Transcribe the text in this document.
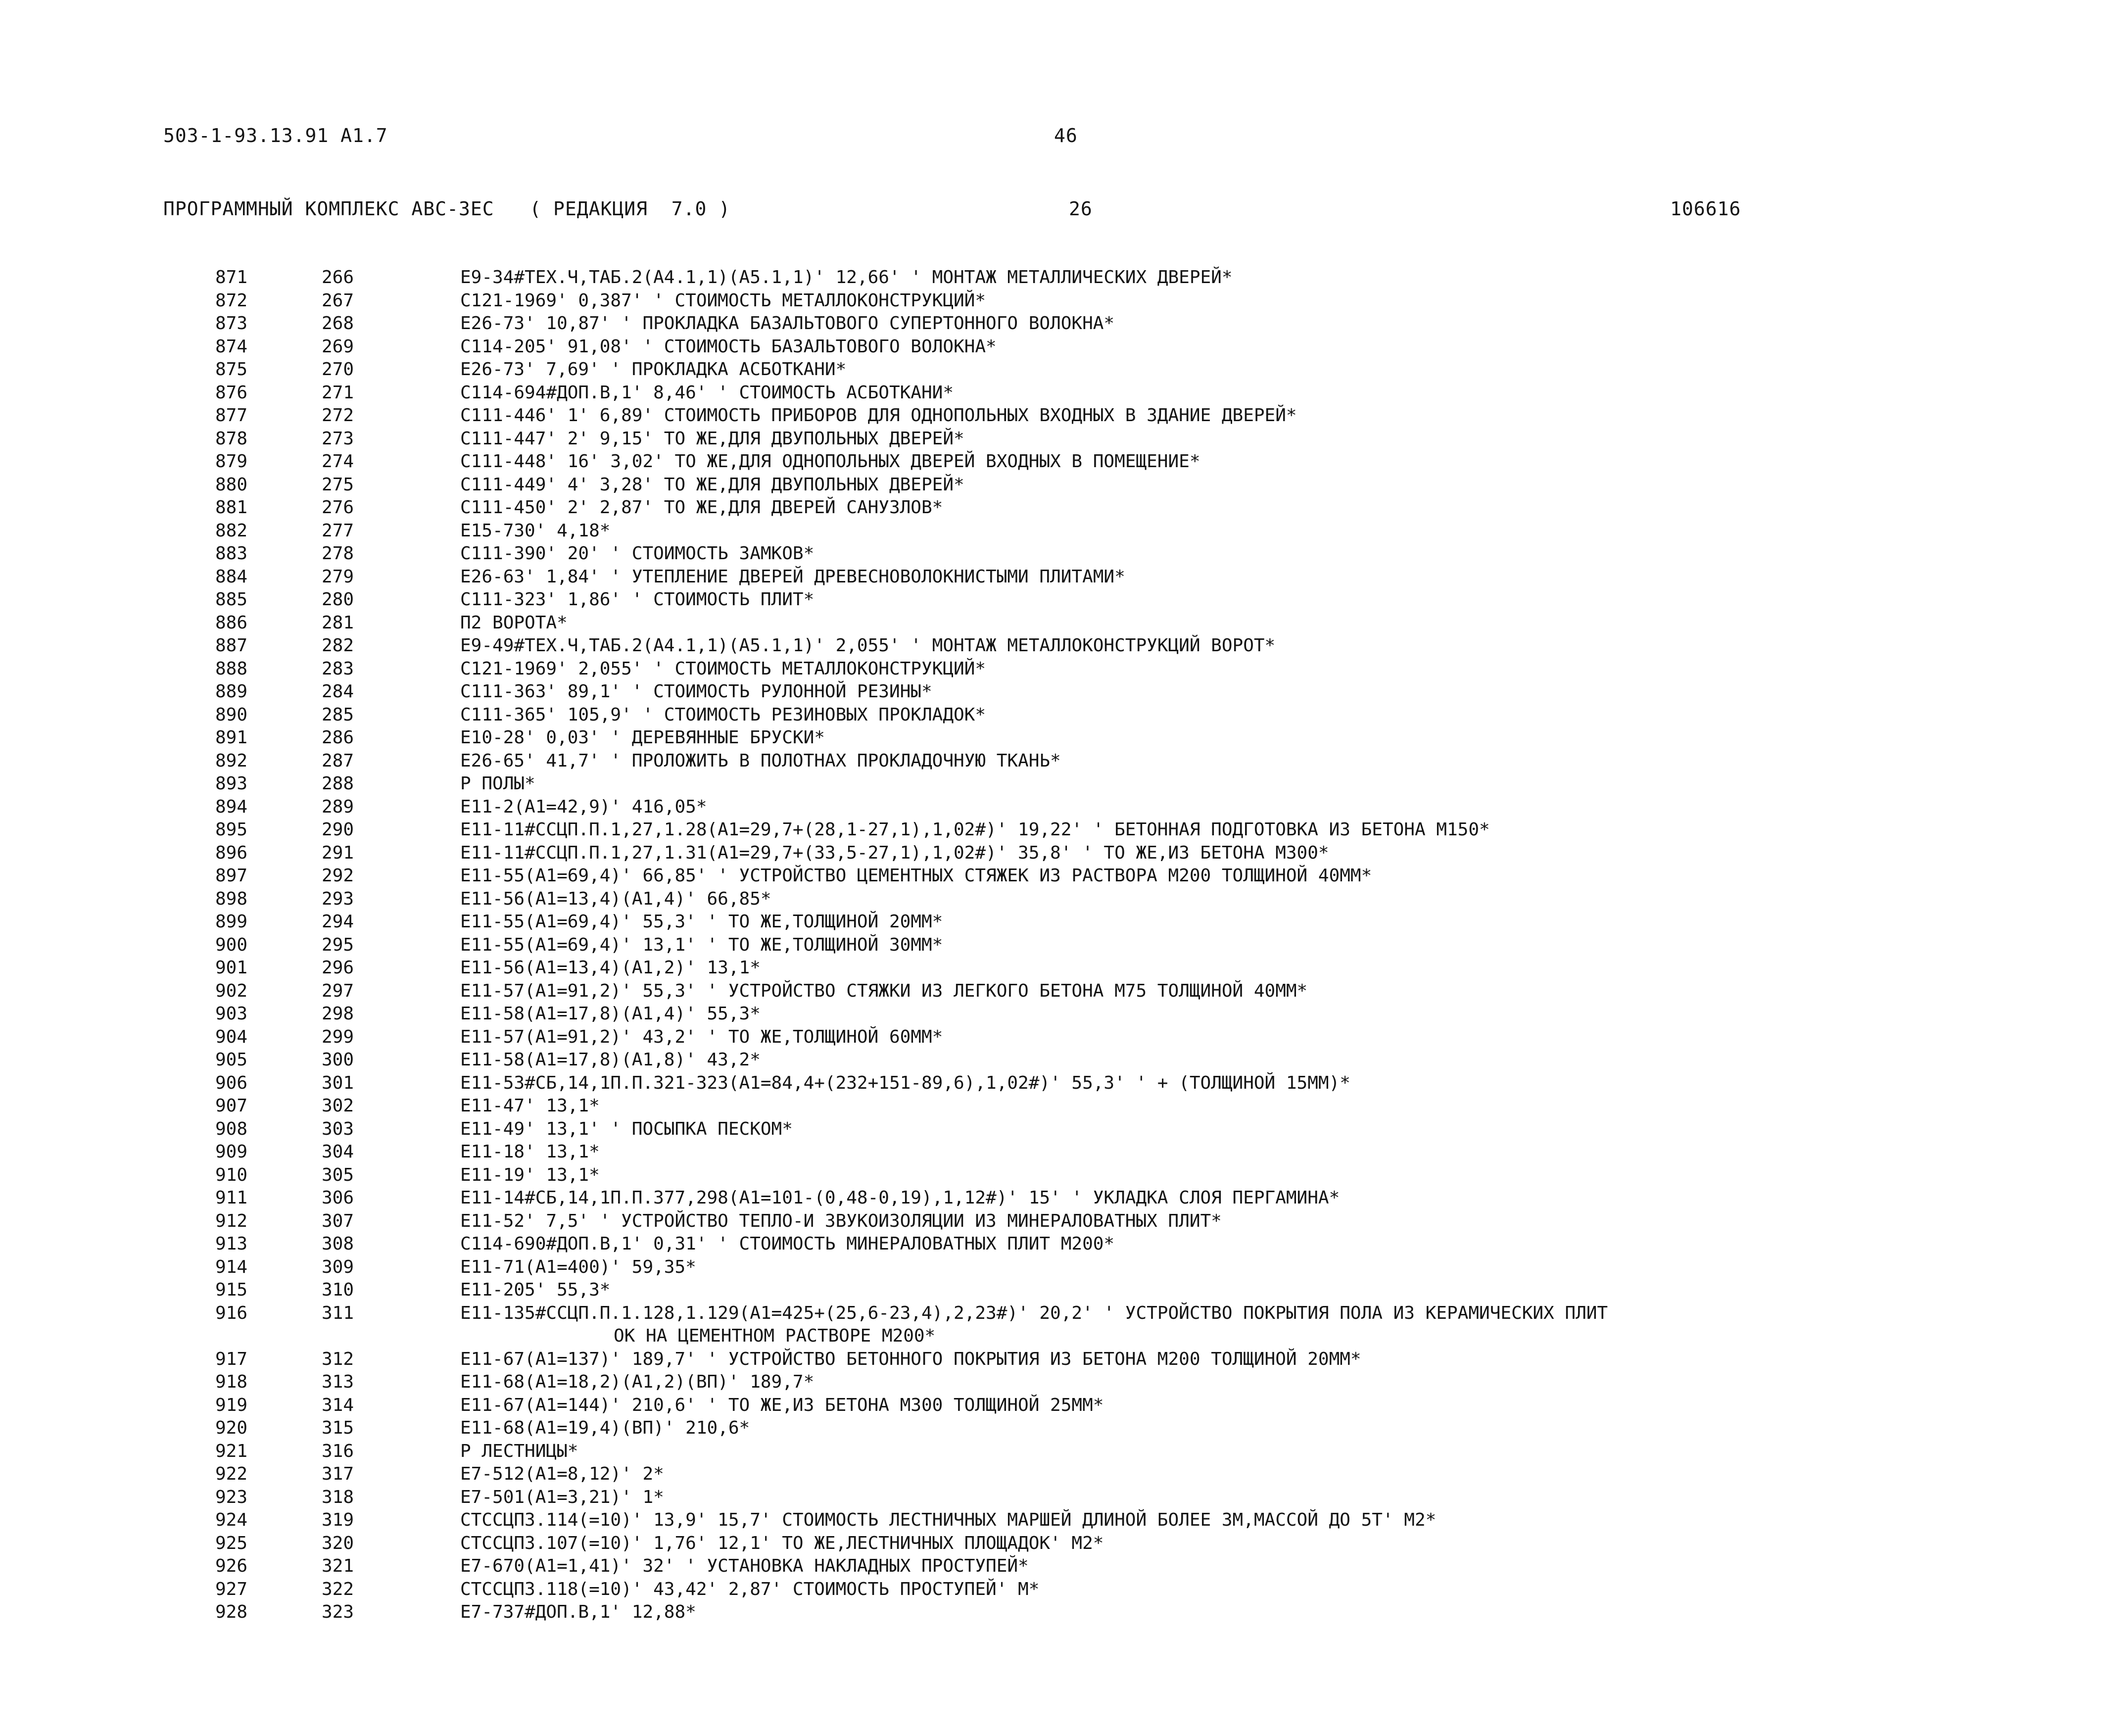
503-1-93.13.91 А1.7	46
ПРОГРАММНЫЙ КОМПЛЕКС АВС-3ЕС   ( РЕДАКЦИЯ  7.0 )	26	106616
871	266	Е9-34#ТЕХ.Ч,ТАБ.2(А4.1,1)(А5.1,1)' 12,66' ' МОНТАЖ МЕТАЛЛИЧЕСКИХ ДВЕРЕЙ*
872	267	С121-1969' 0,387' ' СТОИМОСТЬ МЕТАЛЛОКОНСТРУКЦИЙ*
873	268	Е26-73' 10,87' ' ПРОКЛАДКА БАЗАЛЬТОВОГО СУПЕРТОННОГО ВОЛОКНА*
874	269	С114-205' 91,08' ' СТОИМОСТЬ БАЗАЛЬТОВОГО ВОЛОКНА*
875	270	Е26-73' 7,69' ' ПРОКЛАДКА АСБОТКАНИ*
876	271	С114-694#ДОП.В,1' 8,46' ' СТОИМОСТЬ АСБОТКАНИ*
877	272	С111-446' 1' 6,89' СТОИМОСТЬ ПРИБОРОВ ДЛЯ ОДНОПОЛЬНЫХ ВХОДНЫХ В ЗДАНИЕ ДВЕРЕЙ*
878	273	С111-447' 2' 9,15' ТО ЖЕ,ДЛЯ ДВУПОЛЬНЫХ ДВЕРЕЙ*
879	274	С111-448' 16' 3,02' ТО ЖЕ,ДЛЯ ОДНОПОЛЬНЫХ ДВЕРЕЙ ВХОДНЫХ В ПОМЕЩЕНИЕ*
880	275	С111-449' 4' 3,28' ТО ЖЕ,ДЛЯ ДВУПОЛЬНЫХ ДВЕРЕЙ*
881	276	С111-450' 2' 2,87' ТО ЖЕ,ДЛЯ ДВЕРЕЙ САНУЗЛОВ*
882	277	Е15-730' 4,18*
883	278	С111-390' 20' ' СТОИМОСТЬ ЗАМКОВ*
884	279	Е26-63' 1,84' ' УТЕПЛЕНИЕ ДВЕРЕЙ ДРЕВЕСНОВОЛОКНИСТЫМИ ПЛИТАМИ*
885	280	С111-323' 1,86' ' СТОИМОСТЬ ПЛИТ*
886	281	П2 ВОРОТА*
887	282	Е9-49#ТЕХ.Ч,ТАБ.2(А4.1,1)(А5.1,1)' 2,055' ' МОНТАЖ МЕТАЛЛОКОНСТРУКЦИЙ ВОРОТ*
888	283	С121-1969' 2,055' ' СТОИМОСТЬ МЕТАЛЛОКОНСТРУКЦИЙ*
889	284	С111-363' 89,1' ' СТОИМОСТЬ РУЛОННОЙ РЕЗИНЫ*
890	285	С111-365' 105,9' ' СТОИМОСТЬ РЕЗИНОВЫХ ПРОКЛАДОК*
891	286	Е10-28' 0,03' ' ДЕРЕВЯННЫЕ БРУСКИ*
892	287	Е26-65' 41,7' ' ПРОЛОЖИТЬ В ПОЛОТНАХ ПРОКЛАДОЧНУЮ ТКАНЬ*
893	288	Р ПОЛЫ*
894	289	Е11-2(А1=42,9)' 416,05*
895	290	Е11-11#ССЦП.П.1,27,1.28(А1=29,7+(28,1-27,1),1,02#)' 19,22' ' БЕТОННАЯ ПОДГОТОВКА ИЗ БЕТОНА М150*
896	291	Е11-11#ССЦП.П.1,27,1.31(А1=29,7+(33,5-27,1),1,02#)' 35,8' ' ТО ЖЕ,ИЗ БЕТОНА М300*
897	292	Е11-55(А1=69,4)' 66,85' ' УСТРОЙСТВО ЦЕМЕНТНЫХ СТЯЖЕК ИЗ РАСТВОРА М200 ТОЛЩИНОЙ 40ММ*
898	293	Е11-56(А1=13,4)(А1,4)' 66,85*
899	294	Е11-55(А1=69,4)' 55,3' ' ТО ЖЕ,ТОЛЩИНОЙ 20ММ*
900	295	Е11-55(А1=69,4)' 13,1' ' ТО ЖЕ,ТОЛЩИНОЙ 30ММ*
901	296	Е11-56(А1=13,4)(А1,2)' 13,1*
902	297	Е11-57(А1=91,2)' 55,3' ' УСТРОЙСТВО СТЯЖКИ ИЗ ЛЕГКОГО БЕТОНА М75 ТОЛЩИНОЙ 40ММ*
903	298	Е11-58(А1=17,8)(А1,4)' 55,3*
904	299	Е11-57(А1=91,2)' 43,2' ' ТО ЖЕ,ТОЛЩИНОЙ 60ММ*
905	300	Е11-58(А1=17,8)(А1,8)' 43,2*
906	301	Е11-53#СБ,14,1П.П.321-323(А1=84,4+(232+151-89,6),1,02#)' 55,3' ' + (ТОЛЩИНОЙ 15ММ)*
907	302	Е11-47' 13,1*
908	303	Е11-49' 13,1' ' ПОСЫПКА ПЕСКОМ*
909	304	Е11-18' 13,1*
910	305	Е11-19' 13,1*
911	306	Е11-14#СБ,14,1П.П.377,298(А1=101-(0,48-0,19),1,12#)' 15' ' УКЛАДКА СЛОЯ ПЕРГАМИНА*
912	307	Е11-52' 7,5' ' УСТРОЙСТВО ТЕПЛО-И ЗВУКОИЗОЛЯЦИИ ИЗ МИНЕРАЛОВАТНЫХ ПЛИТ*
913	308	С114-690#ДОП.В,1' 0,31' ' СТОИМОСТЬ МИНЕРАЛОВАТНЫХ ПЛИТ М200*
914	309	Е11-71(А1=400)' 59,35*
915	310	Е11-205' 55,3*
916	311	Е11-135#ССЦП.П.1.128,1.129(А1=425+(25,6-23,4),2,23#)' 20,2' ' УСТРОЙСТВО ПОКРЫТИЯ ПОЛА ИЗ КЕРАМИЧЕСКИХ ПЛИТ
ОК НА ЦЕМЕНТНОМ РАСТВОРЕ М200*
917	312	Е11-67(А1=137)' 189,7' ' УСТРОЙСТВО БЕТОННОГО ПОКРЫТИЯ ИЗ БЕТОНА М200 ТОЛЩИНОЙ 20ММ*
918	313	Е11-68(А1=18,2)(А1,2)(ВП)' 189,7*
919	314	Е11-67(А1=144)' 210,6' ' ТО ЖЕ,ИЗ БЕТОНА М300 ТОЛЩИНОЙ 25ММ*
920	315	Е11-68(А1=19,4)(ВП)' 210,6*
921	316	Р ЛЕСТНИЦЫ*
922	317	Е7-512(А1=8,12)' 2*
923	318	Е7-501(А1=3,21)' 1*
924	319	СТССЦП3.114(=10)' 13,9' 15,7' СТОИМОСТЬ ЛЕСТНИЧНЫХ МАРШЕЙ ДЛИНОЙ БОЛЕЕ 3М,МАССОЙ ДО 5Т' М2*
925	320	СТССЦП3.107(=10)' 1,76' 12,1' ТО ЖЕ,ЛЕСТНИЧНЫХ ПЛОЩАДОК' М2*
926	321	Е7-670(А1=1,41)' 32' ' УСТАНОВКА НАКЛАДНЫХ ПРОСТУПЕЙ*
927	322	СТССЦП3.118(=10)' 43,42' 2,87' СТОИМОСТЬ ПРОСТУПЕЙ' М*
928	323	Е7-737#ДОП.В,1' 12,88*
